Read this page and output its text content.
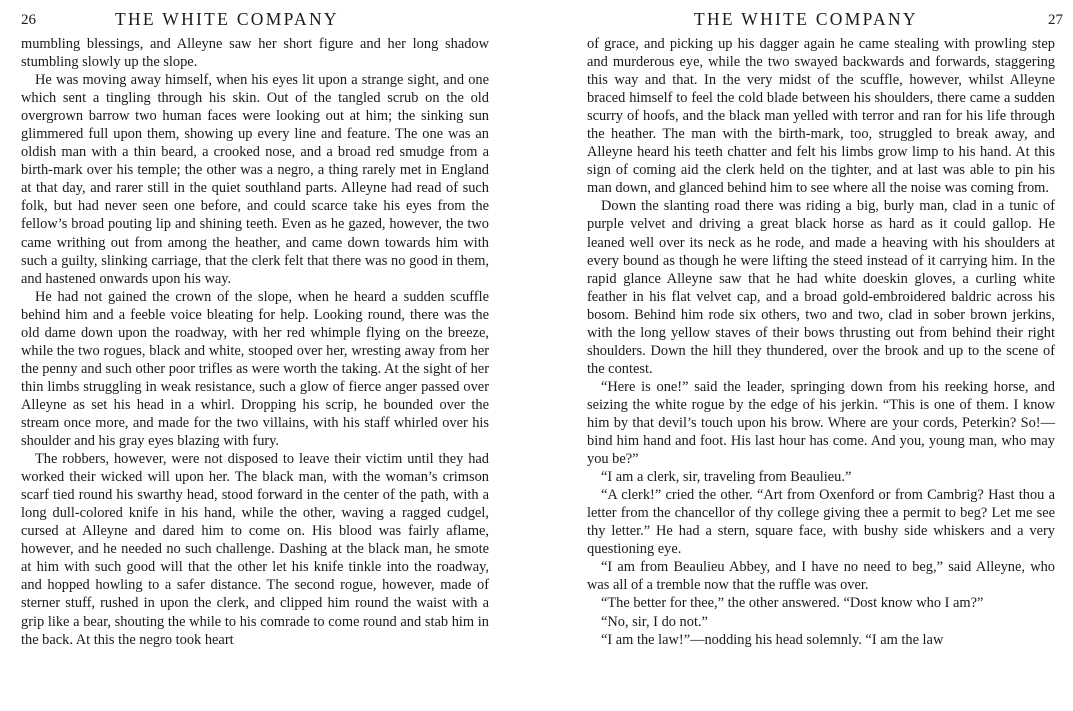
26	THE WHITE COMPANY

mumbling blessings, and Alleyne saw her short figure and her long shadow stumbling slowly up the slope.

He was moving away himself, when his eyes lit upon a strange sight, and one which sent a tingling through his skin. Out of the tangled scrub on the old overgrown barrow two human faces were looking out at him; the sinking sun glimmered full upon them, showing up every line and feature. The one was an oldish man with a thin beard, a crooked nose, and a broad red smudge from a birth-mark over his temple; the other was a negro, a thing rarely met in England at that day, and rarer still in the quiet southland parts. Alleyne had read of such folk, but had never seen one before, and could scarce take his eyes from the fellow’s broad pouting lip and shining teeth. Even as he gazed, however, the two came writhing out from among the heather, and came down towards him with such a guilty, slinking carriage, that the clerk felt that there was no good in them, and hastened onwards upon his way.

He had not gained the crown of the slope, when he heard a sudden scuffle behind him and a feeble voice bleating for help. Looking round, there was the old dame down upon the roadway, with her red whimple flying on the breeze, while the two rogues, black and white, stooped over her, wresting away from her the penny and such other poor trifles as were worth the taking. At the sight of her thin limbs struggling in weak resistance, such a glow of fierce anger passed over Alleyne as set his head in a whirl. Dropping his scrip, he bounded over the stream once more, and made for the two villains, with his staff whirled over his shoulder and his gray eyes blazing with fury.

The robbers, however, were not disposed to leave their victim until they had worked their wicked will upon her. The black man, with the woman’s crimson scarf tied round his swarthy head, stood forward in the center of the path, with a long dull-colored knife in his hand, while the other, waving a ragged cudgel, cursed at Alleyne and dared him to come on. His blood was fairly aflame, however, and he needed no such challenge. Dashing at the black man, he smote at him with such good will that the other let his knife tinkle into the roadway, and hopped howling to a safer distance. The second rogue, however, made of sterner stuff, rushed in upon the clerk, and clipped him round the waist with a grip like a bear, shouting the while to his comrade to come round and stab him in the back. At this the negro took heart

THE WHITE COMPANY	27

of grace, and picking up his dagger again he came stealing with prowling step and murderous eye, while the two swayed backwards and forwards, staggering this way and that. In the very midst of the scuffle, however, whilst Alleyne braced himself to feel the cold blade between his shoulders, there came a sudden scurry of hoofs, and the black man yelled with terror and ran for his life through the heather. The man with the birth-mark, too, struggled to break away, and Alleyne heard his teeth chatter and felt his limbs grow limp to his hand. At this sign of coming aid the clerk held on the tighter, and at last was able to pin his man down, and glanced behind him to see where all the noise was coming from.

Down the slanting road there was riding a big, burly man, clad in a tunic of purple velvet and driving a great black horse as hard as it could gallop. He leaned well over its neck as he rode, and made a heaving with his shoulders at every bound as though he were lifting the steed instead of it carrying him. In the rapid glance Alleyne saw that he had white doeskin gloves, a curling white feather in his flat velvet cap, and a broad gold-embroidered baldric across his bosom. Behind him rode six others, two and two, clad in sober brown jerkins, with the long yellow staves of their bows thrusting out from behind their right shoulders. Down the hill they thundered, over the brook and up to the scene of the contest.

“Here is one!” said the leader, springing down from his reeking horse, and seizing the white rogue by the edge of his jerkin. “This is one of them. I know him by that devil’s touch upon his brow. Where are your cords, Peterkin? So!—bind him hand and foot. His last hour has come. And you, young man, who may you be?”

“I am a clerk, sir, traveling from Beaulieu.”

“A clerk!” cried the other. “Art from Oxenford or from Cambrig? Hast thou a letter from the chancellor of thy college giving thee a permit to beg? Let me see thy letter.” He had a stern, square face, with bushy side whiskers and a very questioning eye.

“I am from Beaulieu Abbey, and I have no need to beg,” said Alleyne, who was all of a tremble now that the ruffle was over.

“The better for thee,” the other answered. “Dost know who I am?”

“No, sir, I do not.”

“I am the law!”—nodding his head solemnly. “I am the law
